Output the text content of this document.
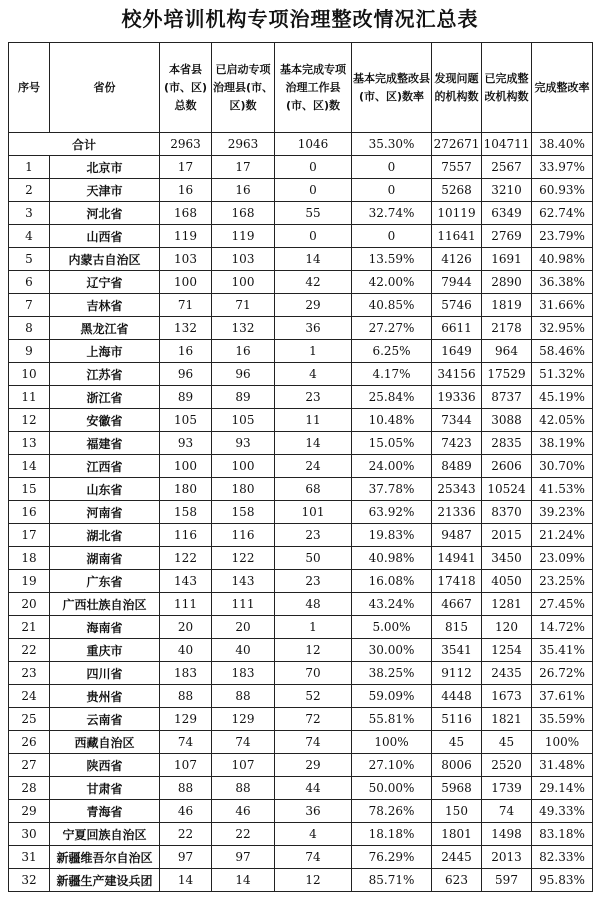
校外培训机构专项治理整改情况汇总表
序号	省份	本省县(市、区)总数	已启动专项治理县(市、区)数	基本完成专项治理工作县(市、区)数	基本完成整改县(市、区)数率	发现问题的机构数	已完成整改机构数	完成整改率
合计		2963	2963	1046	35.30%	272671	104711	38.40%
1	北京市	17	17	0	0	7557	2567	33.97%
2	天津市	16	16	0	0	5268	3210	60.93%
3	河北省	168	168	55	32.74%	10119	6349	62.74%
4	山西省	119	119	0	0	11641	2769	23.79%
5	内蒙古自治区	103	103	14	13.59%	4126	1691	40.98%
6	辽宁省	100	100	42	42.00%	7944	2890	36.38%
7	吉林省	71	71	29	40.85%	5746	1819	31.66%
8	黑龙江省	132	132	36	27.27%	6611	2178	32.95%
9	上海市	16	16	1	6.25%	1649	964	58.46%
10	江苏省	96	96	4	4.17%	34156	17529	51.32%
11	浙江省	89	89	23	25.84%	19336	8737	45.19%
12	安徽省	105	105	11	10.48%	7344	3088	42.05%
13	福建省	93	93	14	15.05%	7423	2835	38.19%
14	江西省	100	100	24	24.00%	8489	2606	30.70%
15	山东省	180	180	68	37.78%	25343	10524	41.53%
16	河南省	158	158	101	63.92%	21336	8370	39.23%
17	湖北省	116	116	23	19.83%	9487	2015	21.24%
18	湖南省	122	122	50	40.98%	14941	3450	23.09%
19	广东省	143	143	23	16.08%	17418	4050	23.25%
20	广西壮族自治区	111	111	48	43.24%	4667	1281	27.45%
21	海南省	20	20	1	5.00%	815	120	14.72%
22	重庆市	40	40	12	30.00%	3541	1254	35.41%
23	四川省	183	183	70	38.25%	9112	2435	26.72%
24	贵州省	88	88	52	59.09%	4448	1673	37.61%
25	云南省	129	129	72	55.81%	5116	1821	35.59%
26	西藏自治区	74	74	74	100%	45	45	100%
27	陕西省	107	107	29	27.10%	8006	2520	31.48%
28	甘肃省	88	88	44	50.00%	5968	1739	29.14%
29	青海省	46	46	36	78.26%	150	74	49.33%
30	宁夏回族自治区	22	22	4	18.18%	1801	1498	83.18%
31	新疆维吾尔自治区	97	97	74	76.29%	2445	2013	82.33%
32	新疆生产建设兵团	14	14	12	85.71%	623	597	95.83%
